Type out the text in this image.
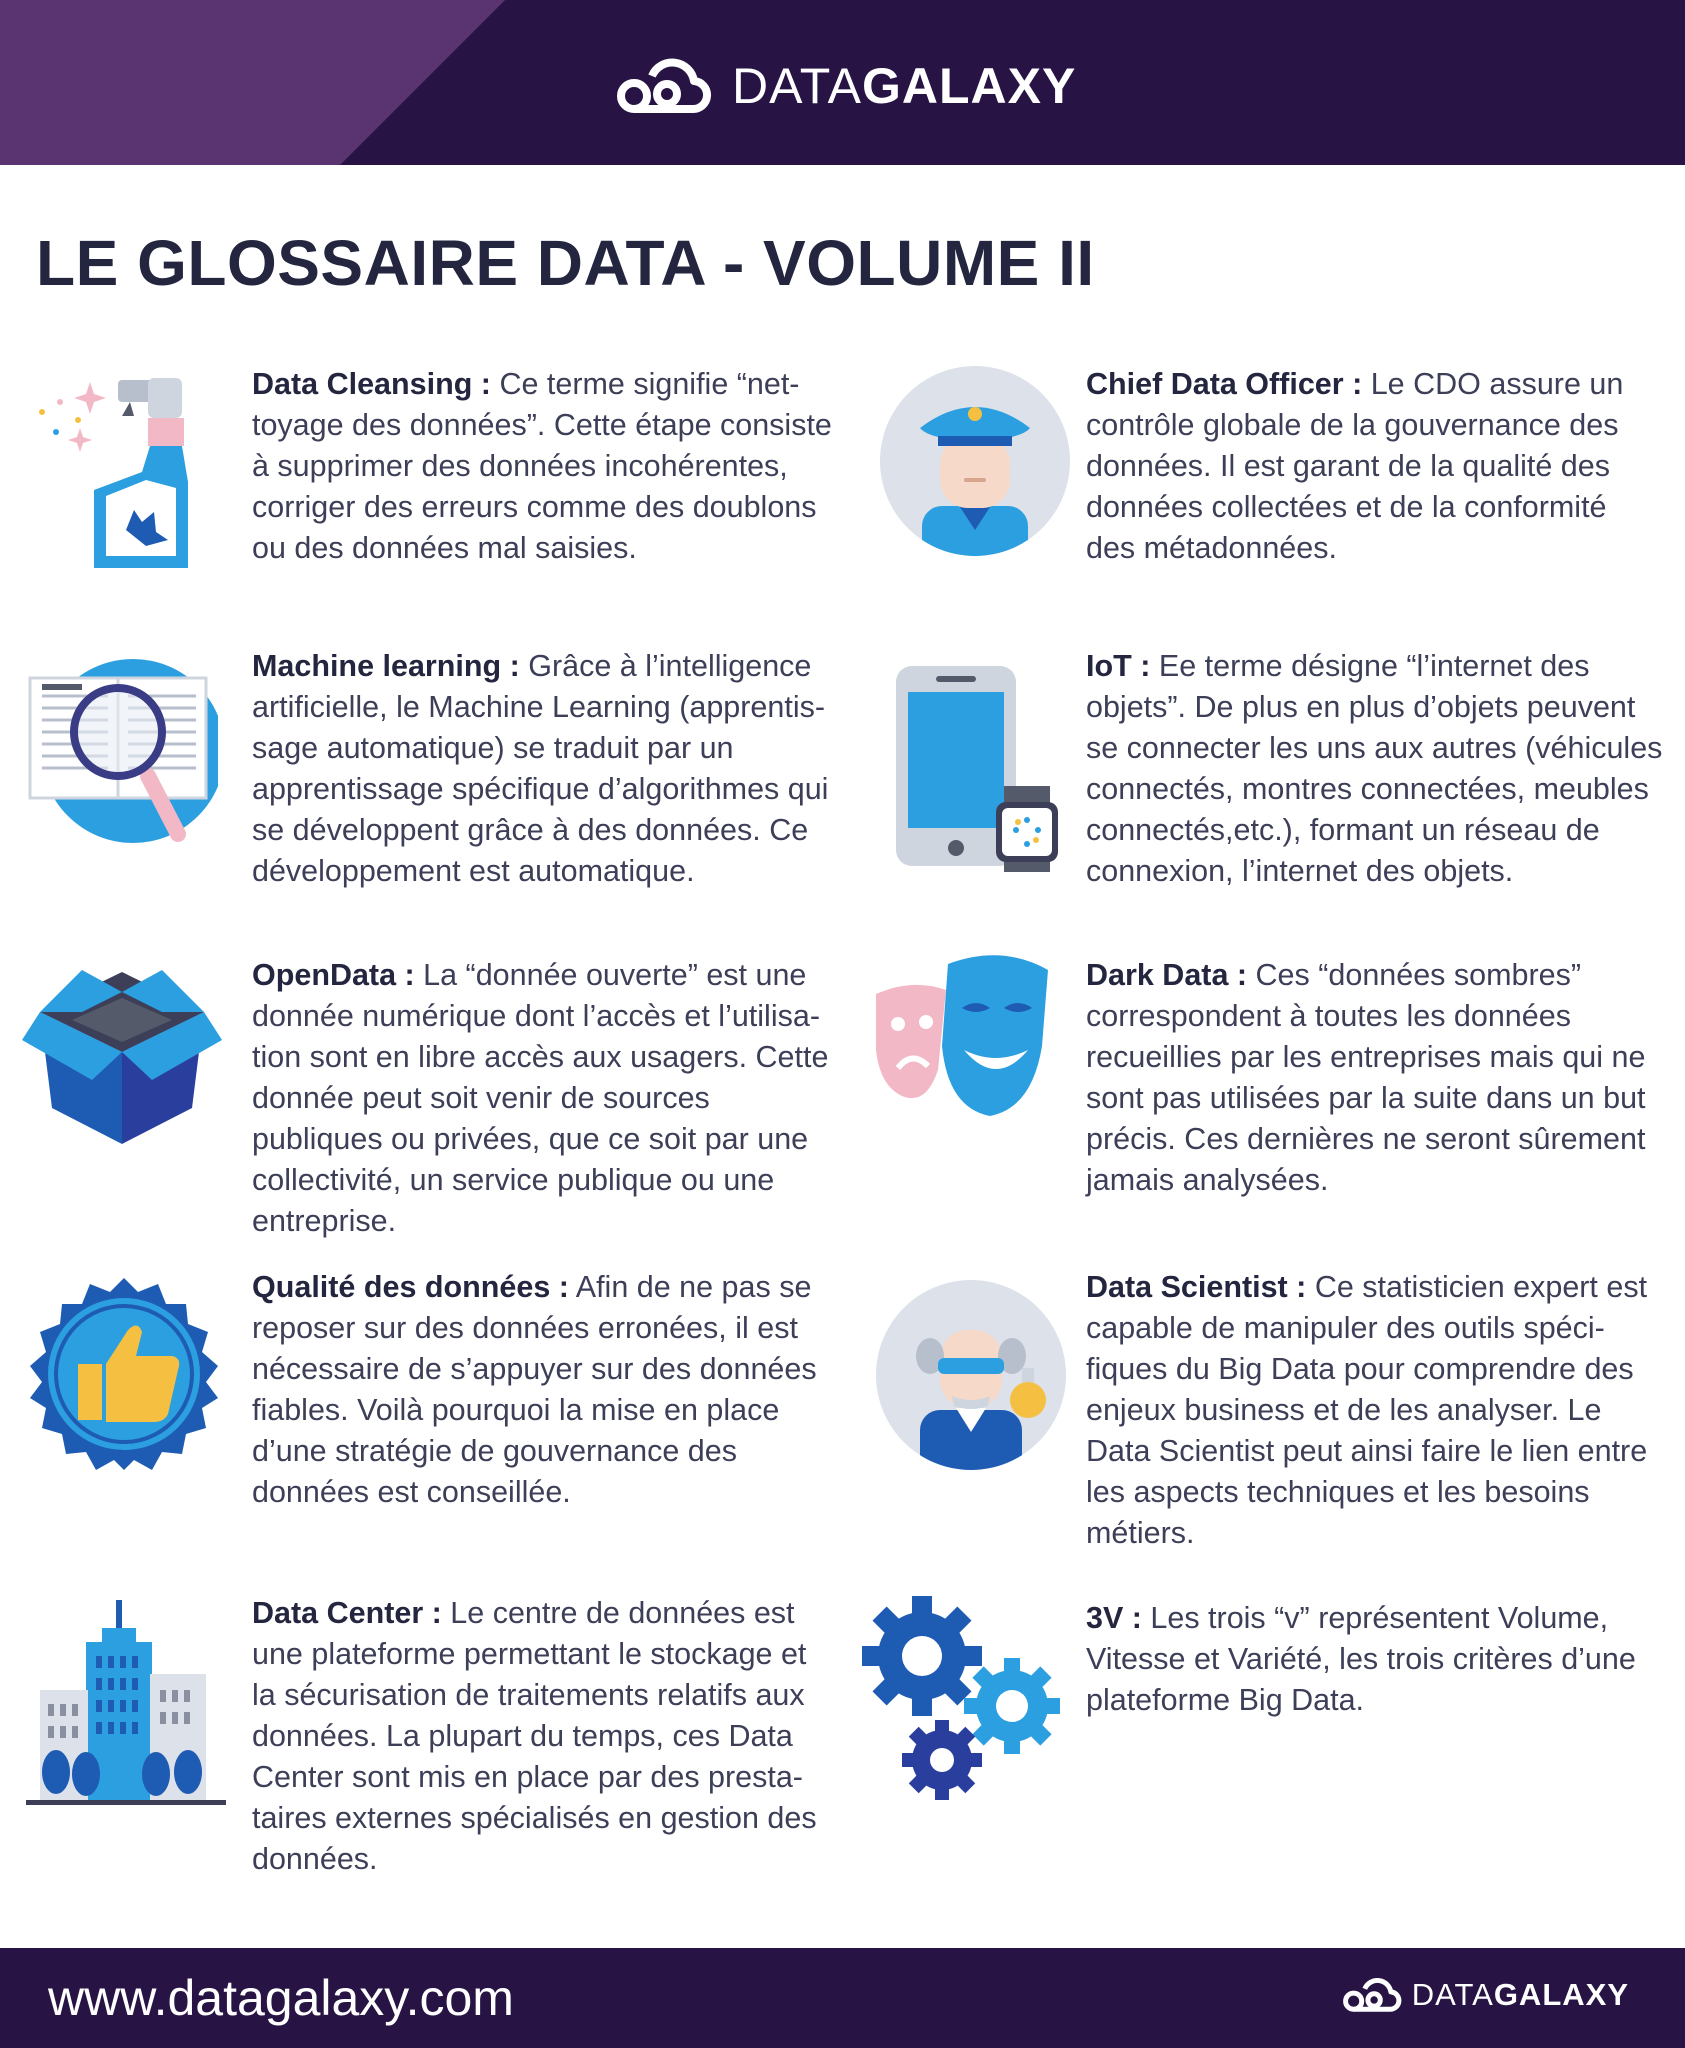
DATAGALAXY
LE GLOSSAIRE DATA - VOLUME II
Data Cleansing : Ce terme signifie “net-
toyage des données”. Cette étape consiste
à supprimer des données incohérentes,
corriger des erreurs comme des doublons
ou des données mal saisies.
Chief Data Officer : Le CDO assure un
contrôle globale de la gouvernance des
données. Il est garant de la qualité des
données collectées et de la conformité
des métadonnées.
Machine learning : Grâce à l’intelligence
artificielle, le Machine Learning (apprentis-
sage automatique) se traduit par un
apprentissage spécifique d’algorithmes qui
se développent grâce à des données. Ce
développement est automatique.
IoT : Ee terme désigne “l’internet des
objets”. De plus en plus d’objets peuvent
se connecter les uns aux autres (véhicules
connectés, montres connectées, meubles
connectés,etc.), formant un réseau de
connexion, l’internet des objets.
OpenData : La “donnée ouverte” est une
donnée numérique dont l’accès et l’utilisa-
tion sont en libre accès aux usagers. Cette
donnée peut soit venir de sources
publiques ou privées, que ce soit par une
collectivité, un service publique ou une
entreprise.
Dark Data : Ces “données sombres”
correspondent à toutes les données
recueillies par les entreprises mais qui ne
sont pas utilisées par la suite dans un but
précis. Ces dernières ne seront sûrement
jamais analysées.
Qualité des données : Afin de ne pas se
reposer sur des données erronées, il est
nécessaire de s’appuyer sur des données
fiables. Voilà pourquoi la mise en place
d’une stratégie de gouvernance des
données est conseillée.
Data Scientist : Ce statisticien expert est
capable de manipuler des outils spéci-
fiques du Big Data pour comprendre des
enjeux business et de les analyser. Le
Data Scientist peut ainsi faire le lien entre
les aspects techniques et les besoins
métiers.
Data Center : Le centre de données est
une plateforme permettant le stockage et
la sécurisation de traitements relatifs aux
données. La plupart du temps, ces Data
Center sont mis en place par des presta-
taires externes spécialisés en gestion des
données.
3V : Les trois “v” représentent Volume,
Vitesse et Variété, les trois critères d’une
plateforme Big Data.
www.datagalaxy.com	DATAGALAXY
